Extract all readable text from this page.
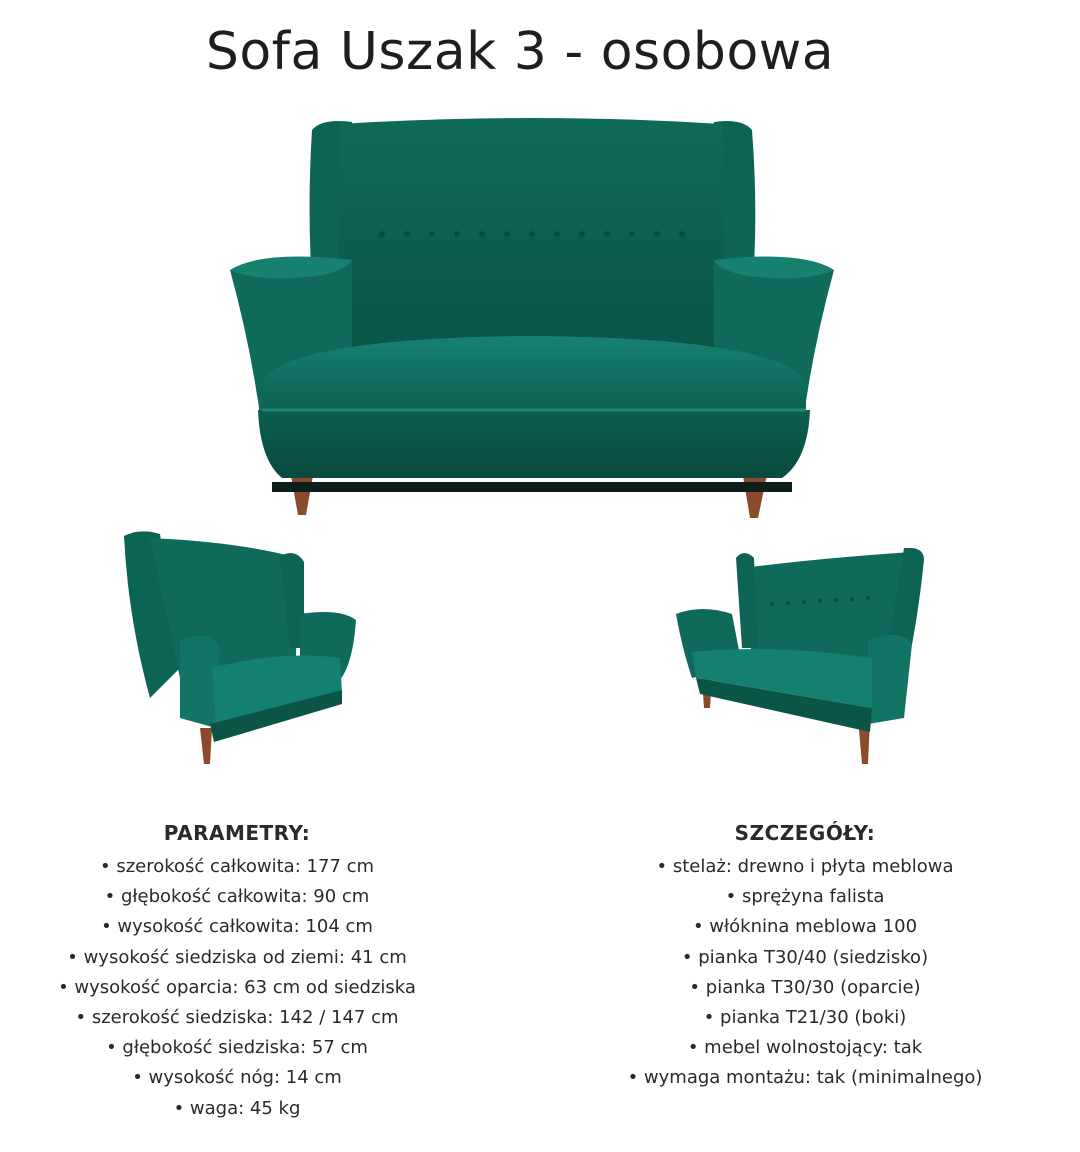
Sofa Uszak 3 - osobowa
PARAMETRY:
• szerokość całkowita: 177 cm
• głębokość całkowita: 90 cm
• wysokość całkowita: 104 cm
• wysokość siedziska od ziemi: 41 cm
• wysokość oparcia: 63 cm od siedziska
• szerokość siedziska: 142 / 147 cm
• głębokość siedziska: 57 cm
• wysokość nóg: 14 cm
• waga: 45 kg
SZCZEGÓŁY:
• stelaż: drewno i płyta meblowa
• sprężyna falista
• włóknina meblowa 100
• pianka T30/40 (siedzisko)
• pianka T30/30 (oparcie)
• pianka T21/30 (boki)
• mebel wolnostojący: tak
• wymaga montażu: tak (minimalnego)
